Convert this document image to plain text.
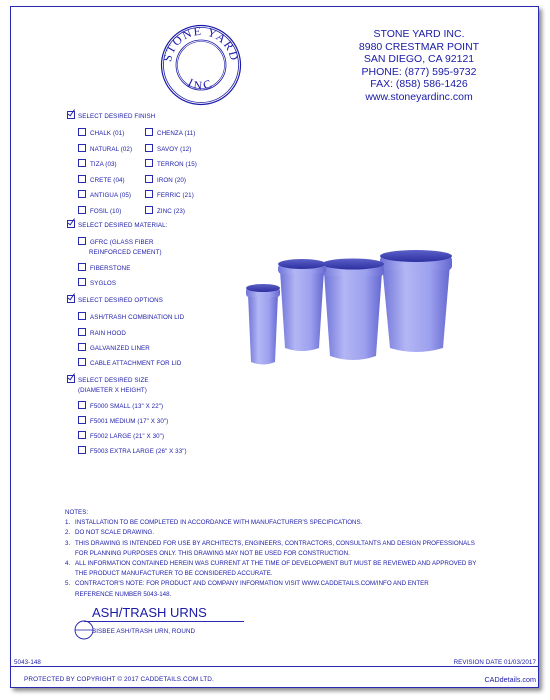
STONE YARD
INC
STONE YARD INC.
8980 CRESTMAR POINT
SAN DIEGO, CA 92121
PHONE: (877) 595-9732
FAX: (858) 586-1426
www.stoneyardinc.com
SELECT DESIRED FINISH
CHALK (01)
NATURAL (02)
TIZA (03)
CRETE (04)
ANTIGUA (05)
FOSIL (10)
CHENZA (11)
SAVOY (12)
TERRON (15)
IRON (20)
FERRIC (21)
ZINC (23)
SELECT DESIRED MATERIAL:
GFRC (GLASS FIBER
REINFORCED CEMENT)
FIBERSTONE
SYGLOS
SELECT DESIRED OPTIONS
ASH/TRASH COMBINATION LID
RAIN HOOD
GALVANIZED LINER
CABLE ATTACHMENT FOR LID
SELECT DESIRED SIZE
(DIAMETER X HEIGHT)
F5000 SMALL (13" X 22")
F5001 MEDIUM (17" X 30")
F5002 LARGE (21" X 30")
F5003 EXTRA LARGE (26" X 33")
NOTES:
1. INSTALLATION TO BE COMPLETED IN ACCORDANCE WITH MANUFACTURER'S SPECIFICATIONS.
2. DO NOT SCALE DRAWING.
3. THIS DRAWING IS INTENDED FOR USE BY ARCHITECTS, ENGINEERS, CONTRACTORS, CONSULTANTS AND DESIGN PROFESSIONALS
FOR PLANNING PURPOSES ONLY. THIS DRAWING MAY NOT BE USED FOR CONSTRUCTION.
4. ALL INFORMATION CONTAINED HEREIN WAS CURRENT AT THE TIME OF DEVELOPMENT BUT MUST BE REVIEWED AND APPROVED BY
THE PRODUCT MANUFACTURER TO BE CONSIDERED ACCURATE.
5. CONTRACTOR'S NOTE: FOR PRODUCT AND COMPANY INFORMATION VISIT WWW.CADDETAILS.COM/INFO AND ENTER
REFERENCE NUMBER 5043-148.
ASH/TRASH URNS
BISBEE ASH/TRASH URN, ROUND
5043-148	REVISION DATE 01/03/2017
PROTECTED BY COPYRIGHT © 2017 CADDETAILS.COM LTD.	CADdetails.com
